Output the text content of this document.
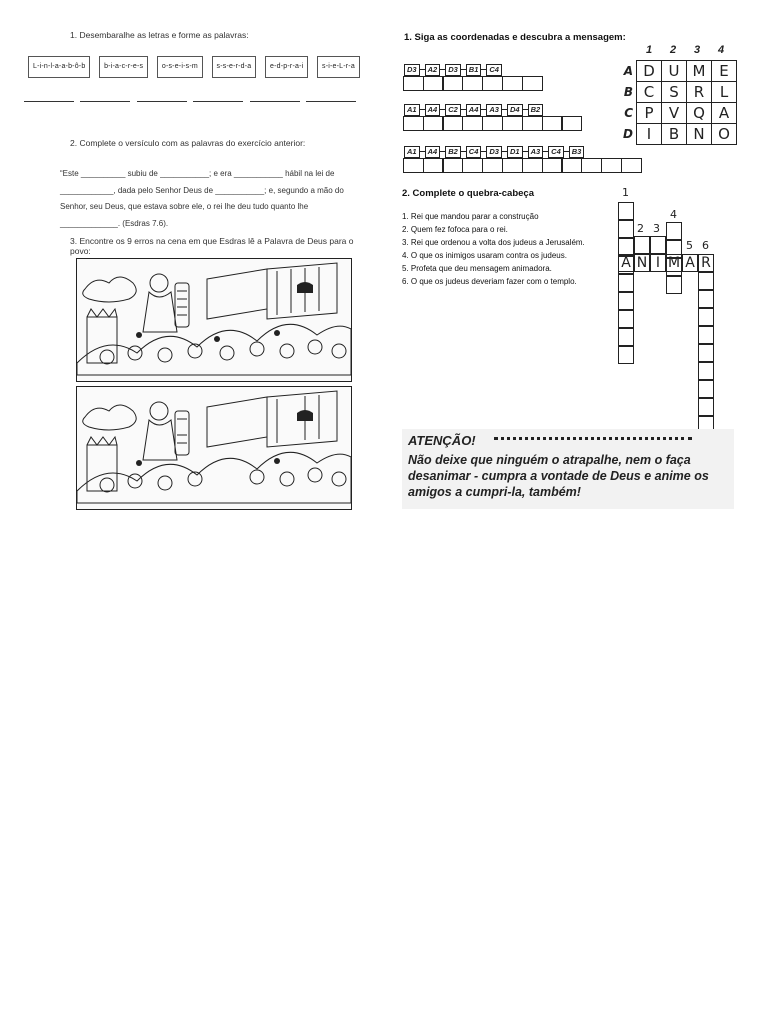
1. Desembaralhe as letras e forme as palavras:
L-i-n-l-a-a-b-ô-b	b-i-a-c-r-e-s	o-s-e-i-s-m	s-s-e-r-d-a	e-d-p-r-a-i	s-i-e-L-r-a
2. Complete o versículo com as palavras do exercício anterior:
“Este __________ subiu de ___________; e era ___________ hábil na lei de
____________, dada pelo Senhor Deus de ___________; e, segundo a mão do
Senhor, seu Deus, que estava sobre ele, o rei lhe deu tudo quanto lhe
_____________. (Esdras 7.6).
3. Encontre os 9 erros na cena em que Esdras lê a Palavra de Deus para o povo:
1. Siga as coordenadas e descubra a mensagem:
D3	A2	D3	B1	C4
A1	A4	C2	A4	A3	D4	B2
A1	A4	B2	C4	D3	D1	A3	C4	B3
1 2 3 4
A	D	U	M	E
B	C	S	R	L
C	P	V	Q	A
D	I	B	N	O
2. Complete o quebra-cabeça
1. Rei que mandou parar a construção
2. Quem fez fofoca para o rei.
3. Rei que ordenou a volta dos judeus a Jerusalém.
4. O que os inimigos usaram contra os judeus.
5. Profeta que deu mensagem animadora.
6. O que os judeus deveriam fazer com o templo.
A N I M A R
1
2 3
4
5 6
ATENÇÃO!
Não deixe que ninguém o atrapalhe, nem o faça desanimar - cumpra a vontade de Deus e anime os amigos a cumpri-la, também!
